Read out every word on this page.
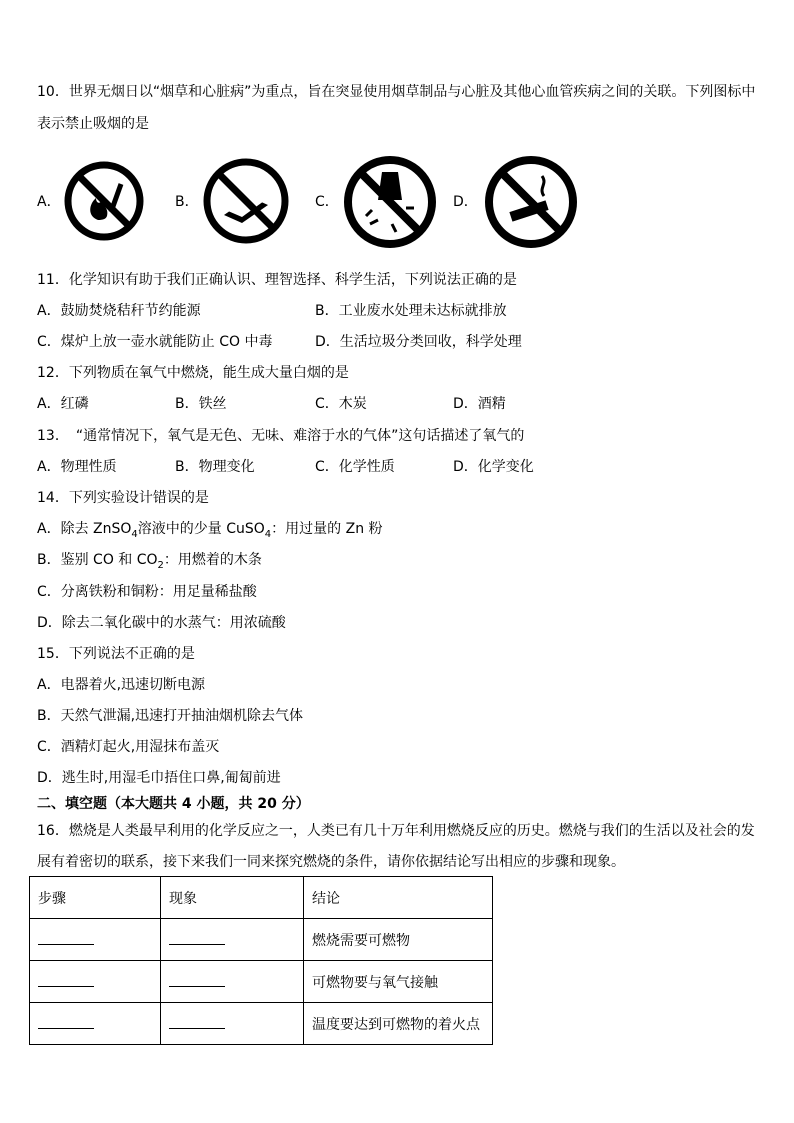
10．世界无烟日以“烟草和心脏病”为重点，旨在突显使用烟草制品与心脏及其他心血管疾病之间的关联。下列图标中
表示禁止吸烟的是
A．	B．	C．	D．
11．化学知识有助于我们正确认识、理智选择、科学生活，下列说法正确的是
A．鼓励焚烧秸秆节约能源	B．工业废水处理未达标就排放
C．煤炉上放一壶水就能防止 CO 中毒	D．生活垃圾分类回收，科学处理
12．下列物质在氧气中燃烧，能生成大量白烟的是
A．红磷	B．铁丝	C．木炭	D．酒精
13．　“通常情况下，氧气是无色、无味、难溶于水的气体”这句话描述了氧气的
A．物理性质	B．物理变化	C．化学性质	D．化学变化
14．下列实验设计错误的是
A．除去 ZnSO$_4$溶液中的少量 CuSO$_4$：用过量的 Zn 粉
B．鉴别 CO 和 $CO_2$：用燃着的木条
C．分离铁粉和铜粉：用足量稀盐酸
D．除去二氧化碳中的水蒸气：用浓硫酸
15．下列说法不正确的是
A．电器着火,迅速切断电源
B．天然气泄漏,迅速打开抽油烟机除去气体
C．酒精灯起火,用湿抹布盖灭
D．逃生时,用湿毛巾捂住口鼻,匍匐前进
二、填空题（本大题共 4 小题，共 20 分）
16．燃烧是人类最早利用的化学反应之一，人类已有几十万年利用燃烧反应的历史。燃烧与我们的生活以及社会的发
展有着密切的联系，接下来我们一同来探究燃烧的条件，请你依据结论写出相应的步骤和现象。
步骤	现象	结论
		燃烧需要可燃物
		可燃物要与氧气接触
		温度要达到可燃物的着火点
